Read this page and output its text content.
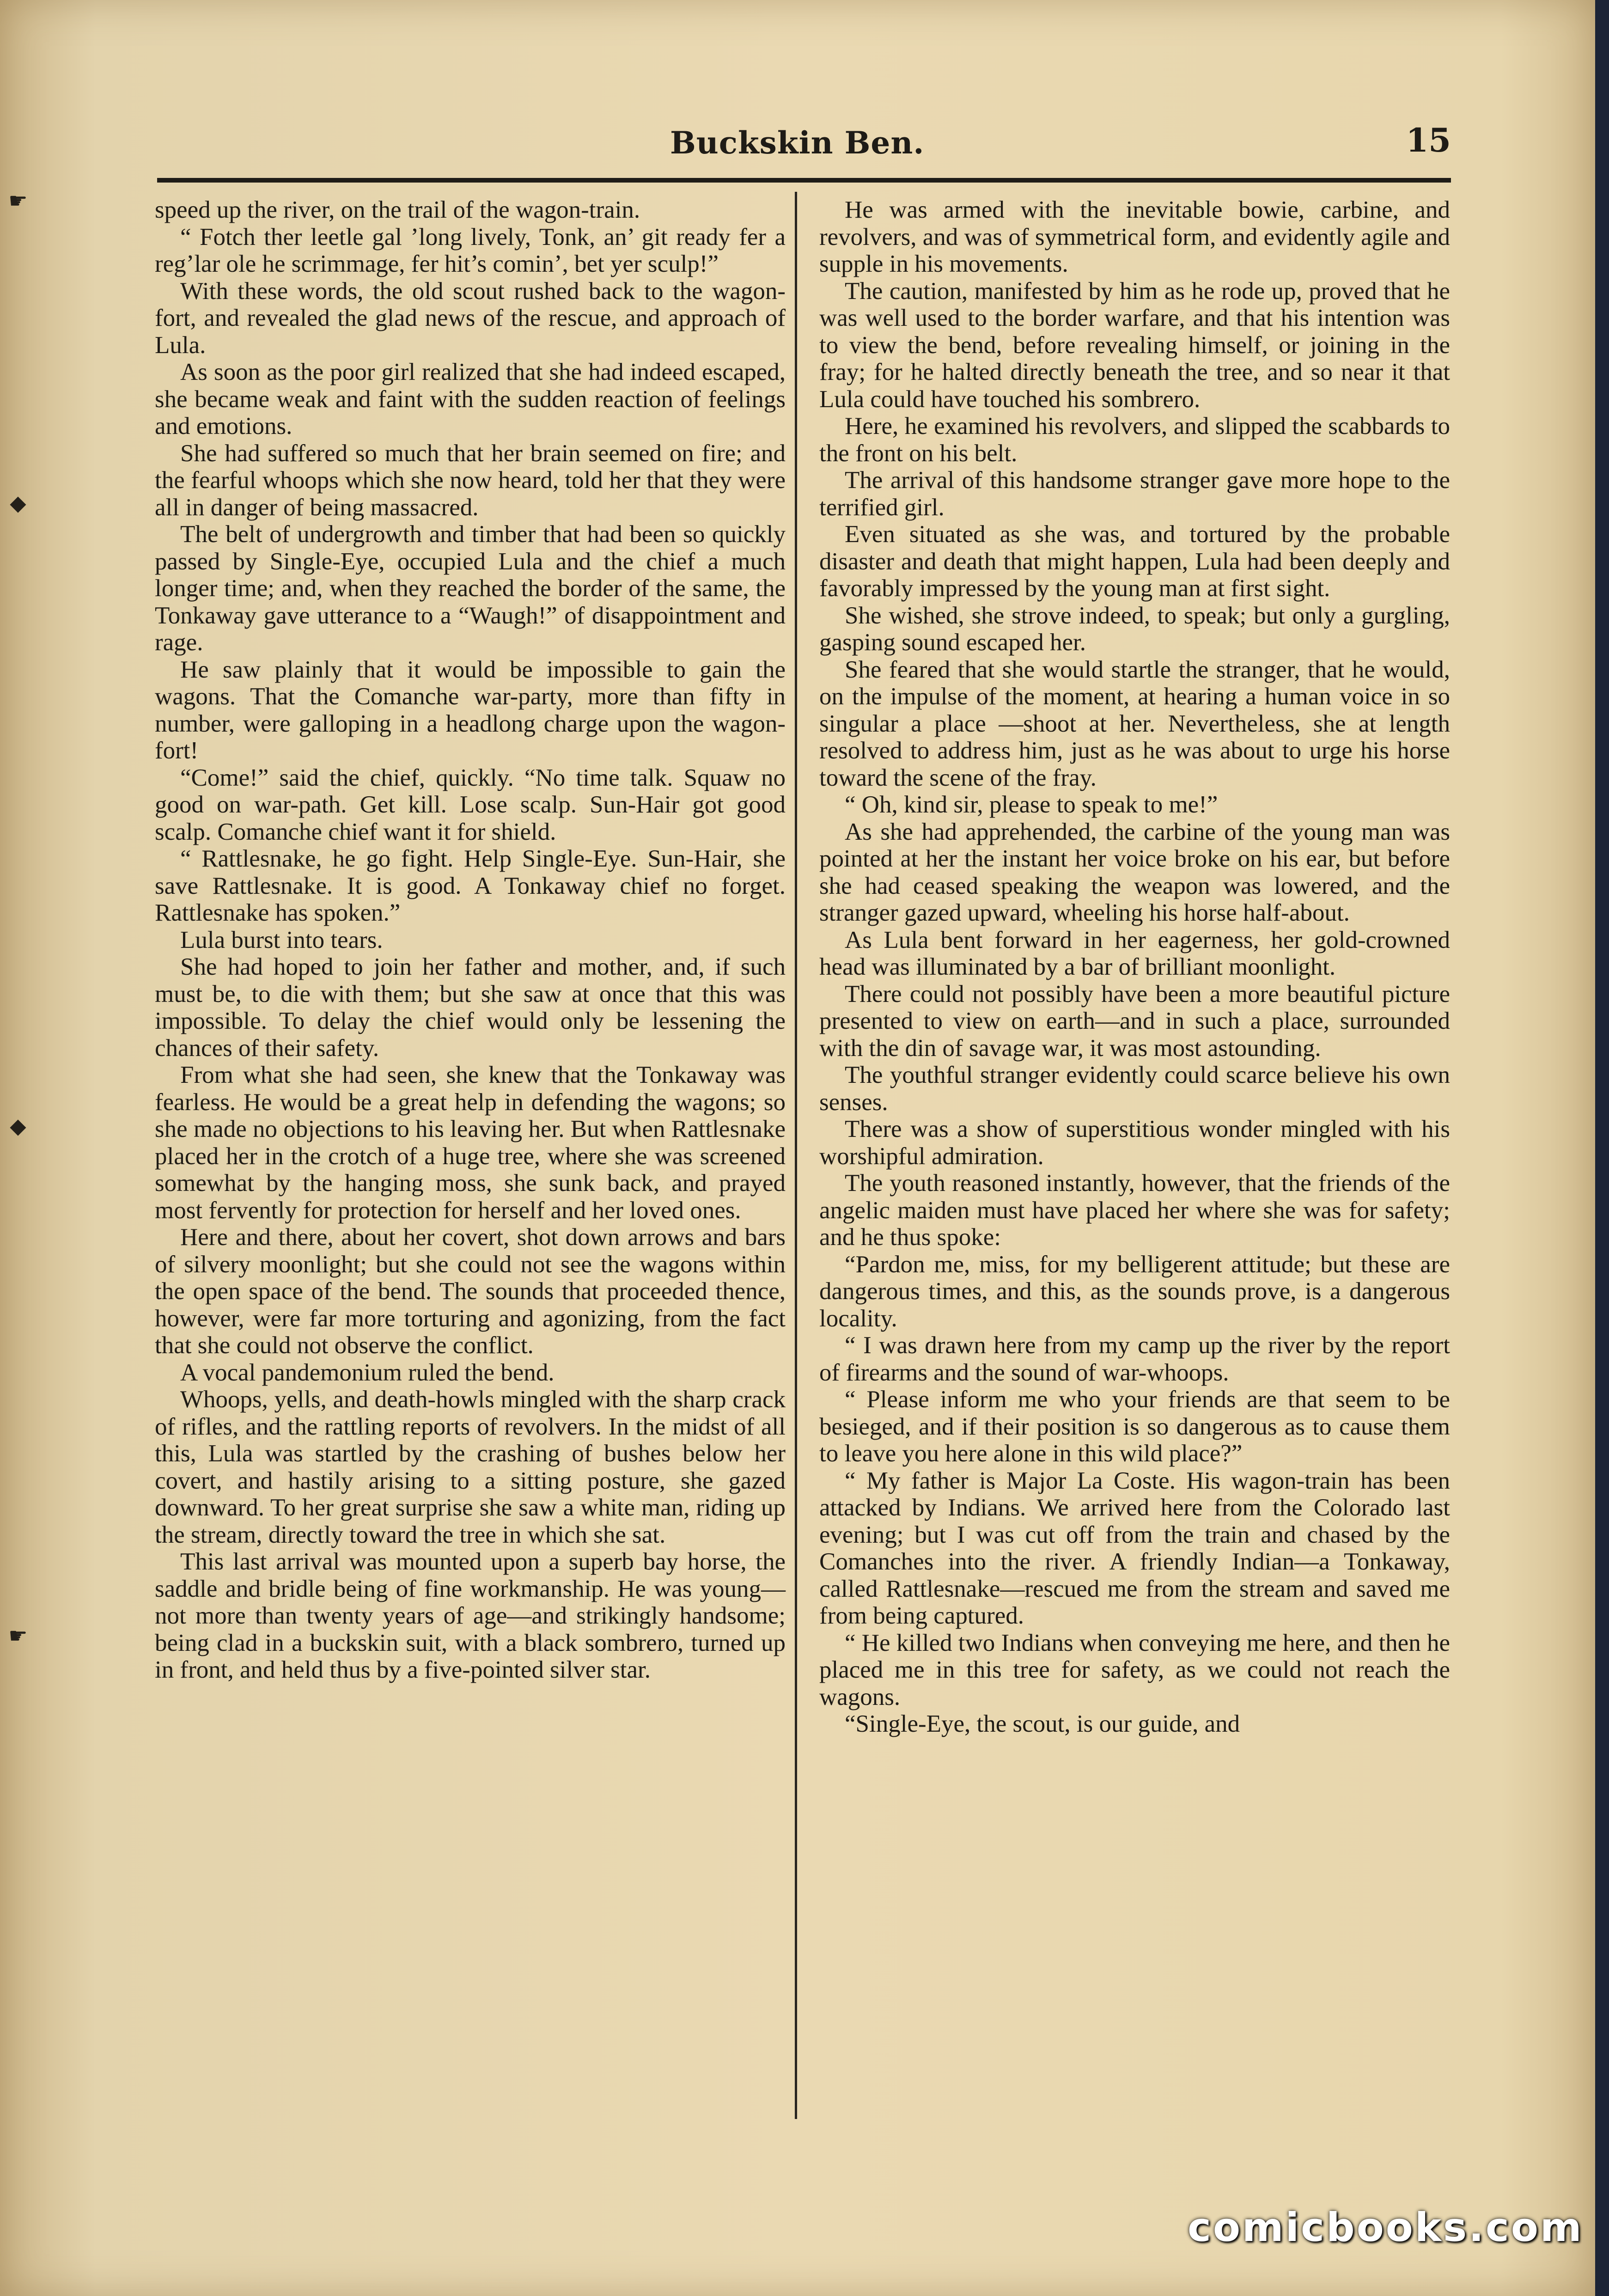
☛
◆
◆
☛
Buckskin Ben.	15

speed up the river, on the trail of the wagon-train.

“ Fotch ther leetle gal ’long lively, Tonk, an’ git ready fer a reg’lar ole he scrimmage, fer hit’s comin’, bet yer sculp!”

With these words, the old scout rushed back to the wagon-fort, and revealed the glad news of the rescue, and approach of Lula.

As soon as the poor girl realized that she had indeed escaped, she became weak and faint with the sudden reaction of feelings and emotions.

She had suffered so much that her brain seemed on fire; and the fearful whoops which she now heard, told her that they were all in danger of being massacred.

The belt of undergrowth and timber that had been so quickly passed by Single-Eye, occupied Lula and the chief a much longer time; and, when they reached the border of the same, the Tonkaway gave utterance to a “Waugh!” of disappointment and rage.

He saw plainly that it would be impossible to gain the wagons. That the Comanche war-party, more than fifty in number, were galloping in a headlong charge upon the wagon-fort!

“Come!” said the chief, quickly. “No time talk. Squaw no good on war-path. Get kill. Lose scalp. Sun-Hair got good scalp. Comanche chief want it for shield.

“ Rattlesnake, he go fight. Help Single-Eye. Sun-Hair, she save Rattlesnake. It is good. A Tonkaway chief no forget. Rattlesnake has spoken.”

Lula burst into tears.

She had hoped to join her father and mother, and, if such must be, to die with them; but she saw at once that this was impossible. To delay the chief would only be lessening the chances of their safety.

From what she had seen, she knew that the Tonkaway was fearless. He would be a great help in defending the wagons; so she made no objections to his leaving her. But when Rattlesnake placed her in the crotch of a huge tree, where she was screened somewhat by the hanging moss, she sunk back, and prayed most fervently for protection for herself and her loved ones.

Here and there, about her covert, shot down arrows and bars of silvery moonlight; but she could not see the wagons within the open space of the bend. The sounds that proceeded thence, however, were far more torturing and agonizing, from the fact that she could not observe the conflict.

A vocal pandemonium ruled the bend.

Whoops, yells, and death-howls mingled with the sharp crack of rifles, and the rattling reports of revolvers. In the midst of all this, Lula was startled by the crashing of bushes below her covert, and hastily arising to a sitting posture, she gazed downward. To her great surprise she saw a white man, riding up the stream, directly toward the tree in which she sat.

This last arrival was mounted upon a superb bay horse, the saddle and bridle being of fine workmanship. He was young—not more than twenty years of age—and strikingly handsome; being clad in a buckskin suit, with a black sombrero, turned up in front, and held thus by a five-pointed silver star.

He was armed with the inevitable bowie, carbine, and revolvers, and was of symmetrical form, and evidently agile and supple in his movements.

The caution, manifested by him as he rode up, proved that he was well used to the border warfare, and that his intention was to view the bend, before revealing himself, or joining in the fray; for he halted directly beneath the tree, and so near it that Lula could have touched his sombrero.

Here, he examined his revolvers, and slipped the scabbards to the front on his belt.

The arrival of this handsome stranger gave more hope to the terrified girl.

Even situated as she was, and tortured by the probable disaster and death that might happen, Lula had been deeply and favorably impressed by the young man at first sight.

She wished, she strove indeed, to speak; but only a gurgling, gasping sound escaped her.

She feared that she would startle the stranger, that he would, on the impulse of the moment, at hearing a human voice in so singular a place —shoot at her. Nevertheless, she at length resolved to address him, just as he was about to urge his horse toward the scene of the fray.

“ Oh, kind sir, please to speak to me!”

As she had apprehended, the carbine of the young man was pointed at her the instant her voice broke on his ear, but before she had ceased speaking the weapon was lowered, and the stranger gazed upward, wheeling his horse half-about.

As Lula bent forward in her eagerness, her gold-crowned head was illuminated by a bar of brilliant moonlight.

There could not possibly have been a more beautiful picture presented to view on earth—and in such a place, surrounded with the din of savage war, it was most astounding.

The youthful stranger evidently could scarce believe his own senses.

There was a show of superstitious wonder mingled with his worshipful admiration.

The youth reasoned instantly, however, that the friends of the angelic maiden must have placed her where she was for safety; and he thus spoke:

“Pardon me, miss, for my belligerent attitude; but these are dangerous times, and this, as the sounds prove, is a dangerous locality.

“ I was drawn here from my camp up the river by the report of firearms and the sound of war-whoops.

“ Please inform me who your friends are that seem to be besieged, and if their position is so dangerous as to cause them to leave you here alone in this wild place?”

“ My father is Major La Coste. His wagon-train has been attacked by Indians. We arrived here from the Colorado last evening; but I was cut off from the train and chased by the Comanches into the river. A friendly Indian—a Tonkaway, called Rattlesnake—rescued me from the stream and saved me from being captured.

“ He killed two Indians when conveying me here, and then he placed me in this tree for safety, as we could not reach the wagons.

“Single-Eye, the scout, is our guide, and

comicbooks.com
